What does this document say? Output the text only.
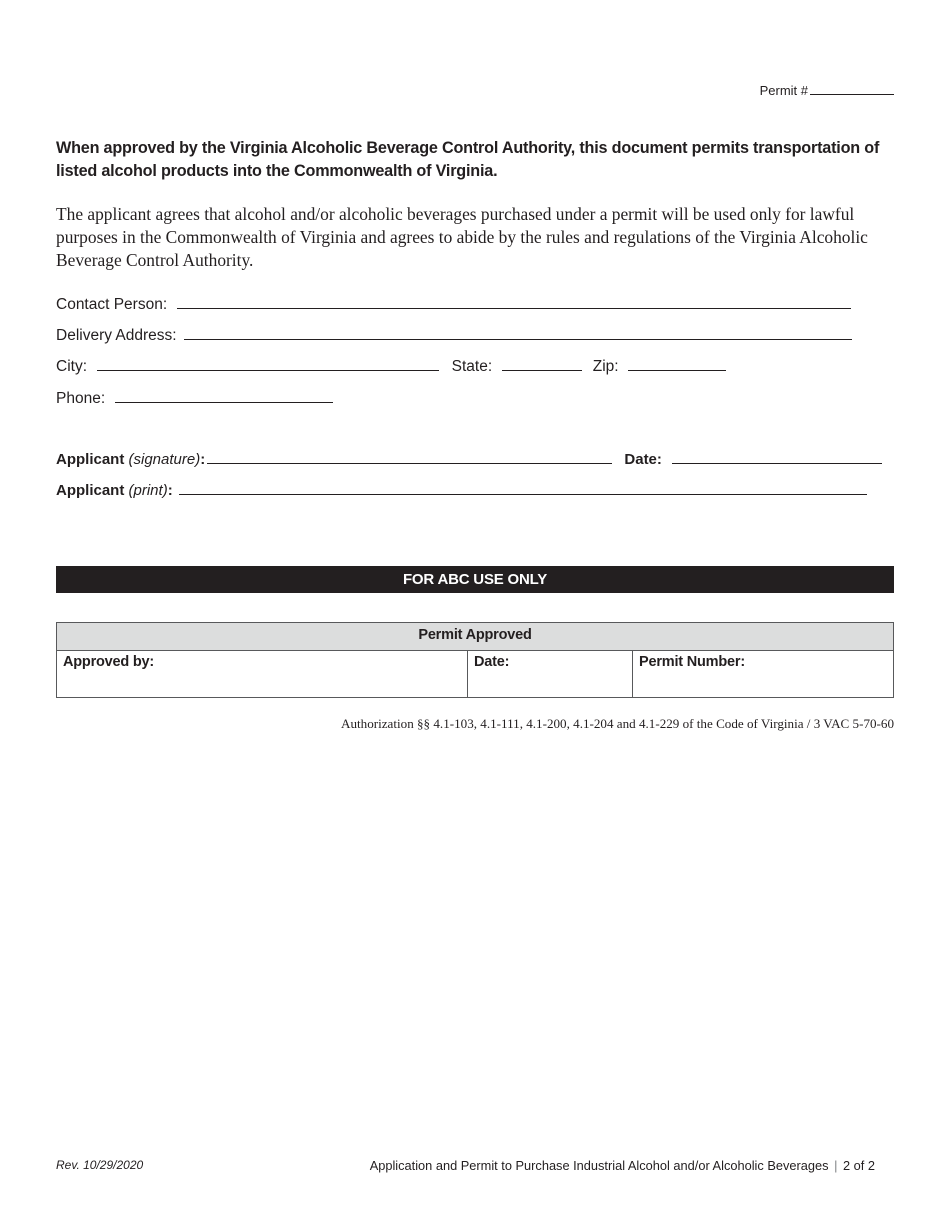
Permit #
When approved by the Virginia Alcoholic Beverage Control Authority, this document permits transportation of listed alcohol products into the Commonwealth of Virginia.
The applicant agrees that alcohol and/or alcoholic beverages purchased under a permit will be used only for lawful purposes in the Commonwealth of Virginia and agrees to abide by the rules and regulations of the Virginia Alcoholic Beverage Control Authority.
Contact Person:
Delivery Address:
City:	State:	Zip:
Phone:
Applicant (signature):	Date:
Applicant (print):
FOR ABC USE ONLY
Permit Approved
Approved by:	Date:	Permit Number:
Authorization §§ 4.1-103, 4.1-111, 4.1-200, 4.1-204 and 4.1-229 of the Code of Virginia / 3 VAC 5-70-60
Rev. 10/29/2020	Application and Permit to Purchase Industrial Alcohol and/or Alcoholic Beverages | 2 of 2
